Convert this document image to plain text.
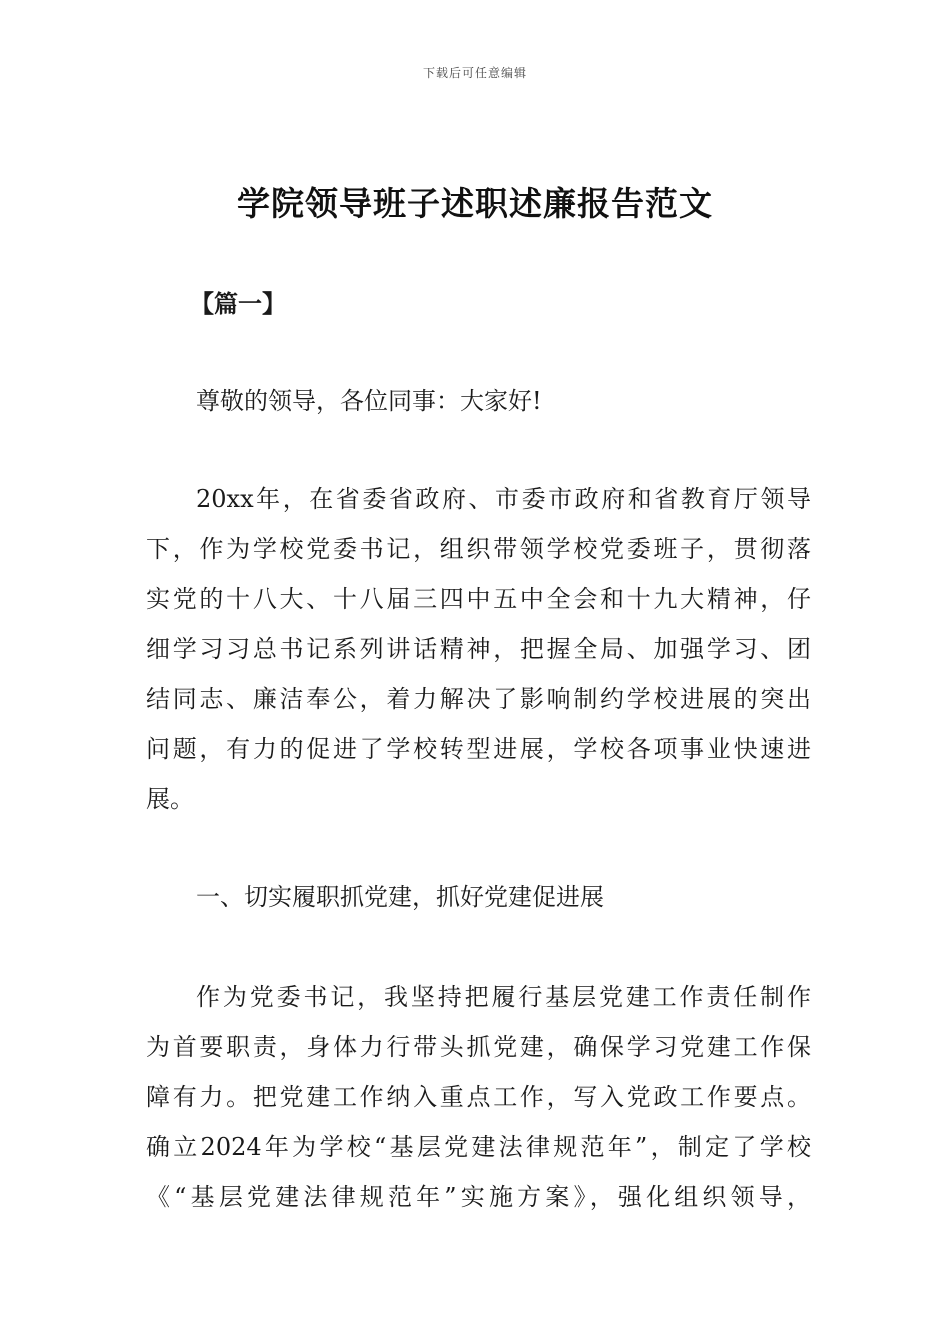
下载后可任意编辑
学院领导班子述职述廉报告范文
【篇一】
尊敬的领导，各位同事：大家好!
20xx年，在省委省政府、市委市政府和省教育厅领导
下，作为学校党委书记，组织带领学校党委班子，贯彻落
实党的十八大、十八届三四中五中全会和十九大精神，仔
细学习习总书记系列讲话精神，把握全局、加强学习、团
结同志、廉洁奉公，着力解决了影响制约学校进展的突出
问题，有力的促进了学校转型进展，学校各项事业快速进
展。
一、切实履职抓党建，抓好党建促进展
作为党委书记，我坚持把履行基层党建工作责任制作
为首要职责，身体力行带头抓党建，确保学习党建工作保
障有力。把党建工作纳入重点工作，写入党政工作要点。
确立2024年为学校“基层党建法律规范年”，制定了学校
《“基层党建法律规范年”实施方案》，强化组织领导，
